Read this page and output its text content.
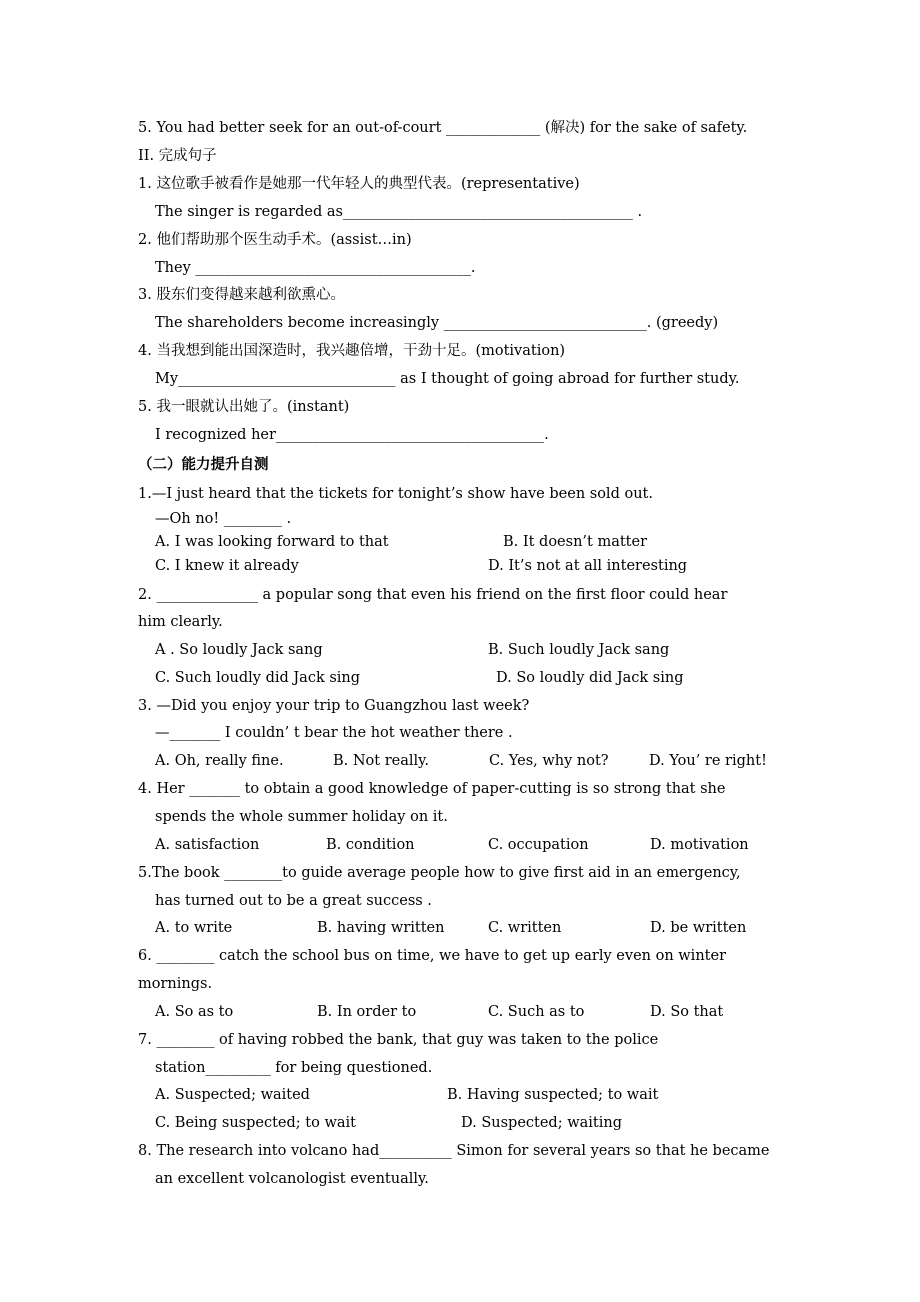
5. You had better seek for an out-of-court _____________ (解决) for the sake of safety.
II. 完成句子
1. 这位歌手被看作是她那一代年轻人的典型代表。(representative)
The singer is regarded as________________________________________ .
2. 他们帮助那个医生动手术。(assist…in)
They ______________________________________.
3. 股东们变得越来越利欲熏心。
The shareholders become increasingly ____________________________. (greedy)
4. 当我想到能出国深造时，我兴趣倍增，干劲十足。(motivation)
My______________________________ as I thought of going abroad for further study.
5. 我一眼就认出她了。(instant)
I recognized her_____________________________________.
（二）能力提升自测
1.—I just heard that the tickets for tonight’s show have been sold out.
—Oh no! ________ .
A. I was looking forward to that	B. It doesn’t matter
C. I knew it already	D. It’s not at all interesting
2. ______________ a popular song that even his friend on the first floor could hear
him clearly.
A . So loudly Jack sang	B. Such loudly Jack sang
C. Such loudly did Jack sing	D. So loudly did Jack sing
3. —Did you enjoy your trip to Guangzhou last week?
—_______ I couldn’ t bear the hot weather there .
A. Oh, really fine.	B. Not really.	C. Yes, why not?	D. You’ re right!
4. Her _______ to obtain a good knowledge of paper-cutting is so strong that she
spends the whole summer holiday on it.
A. satisfaction	B. condition	C. occupation	D. motivation
5.The book ________to guide average people how to give first aid in an emergency,
has turned out to be a great success .
A. to write	B. having written	C. written	D. be written
6. ________ catch the school bus on time, we have to get up early even on winter
mornings.
A. So as to	B. In order to	C. Such as to	D. So that
7. ________ of having robbed the bank, that guy was taken to the police
station_________ for being questioned.
A. Suspected; waited	B. Having suspected; to wait
C. Being suspected; to wait	D. Suspected; waiting
8. The research into volcano had__________ Simon for several years so that he became
an excellent volcanologist eventually.
